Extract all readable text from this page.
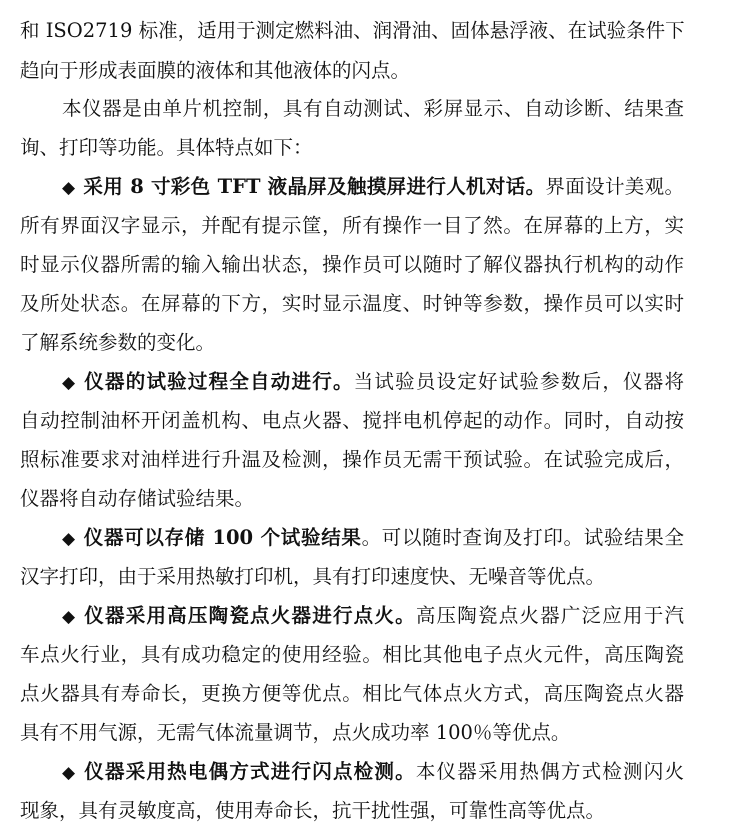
和 ISO2719 标准，适用于测定燃料油、润滑油、固体悬浮液、在试验条件下
趋向于形成表面膜的液体和其他液体的闪点。
本仪器是由单片机控制，具有自动测试、彩屏显示、自动诊断、结果查
询、打印等功能。具体特点如下：
◆ 采用 8 寸彩色 TFT 液晶屏及触摸屏进行人机对话。界面设计美观。
所有界面汉字显示，并配有提示筐，所有操作一目了然。在屏幕的上方，实
时显示仪器所需的输入输出状态，操作员可以随时了解仪器执行机构的动作
及所处状态。在屏幕的下方，实时显示温度、时钟等参数，操作员可以实时
了解系统参数的变化。
◆ 仪器的试验过程全自动进行。当试验员设定好试验参数后，仪器将
自动控制油杯开闭盖机构、电点火器、搅拌电机停起的动作。同时，自动按
照标准要求对油样进行升温及检测，操作员无需干预试验。在试验完成后，
仪器将自动存储试验结果。
◆ 仪器可以存储 100 个试验结果。可以随时查询及打印。试验结果全
汉字打印，由于采用热敏打印机，具有打印速度快、无噪音等优点。
◆ 仪器采用高压陶瓷点火器进行点火。高压陶瓷点火器广泛应用于汽
车点火行业，具有成功稳定的使用经验。相比其他电子点火元件，高压陶瓷
点火器具有寿命长，更换方便等优点。相比气体点火方式，高压陶瓷点火器
具有不用气源，无需气体流量调节，点火成功率 100％等优点。
◆ 仪器采用热电偶方式进行闪点检测。本仪器采用热偶方式检测闪火
现象，具有灵敏度高，使用寿命长，抗干扰性强，可靠性高等优点。
